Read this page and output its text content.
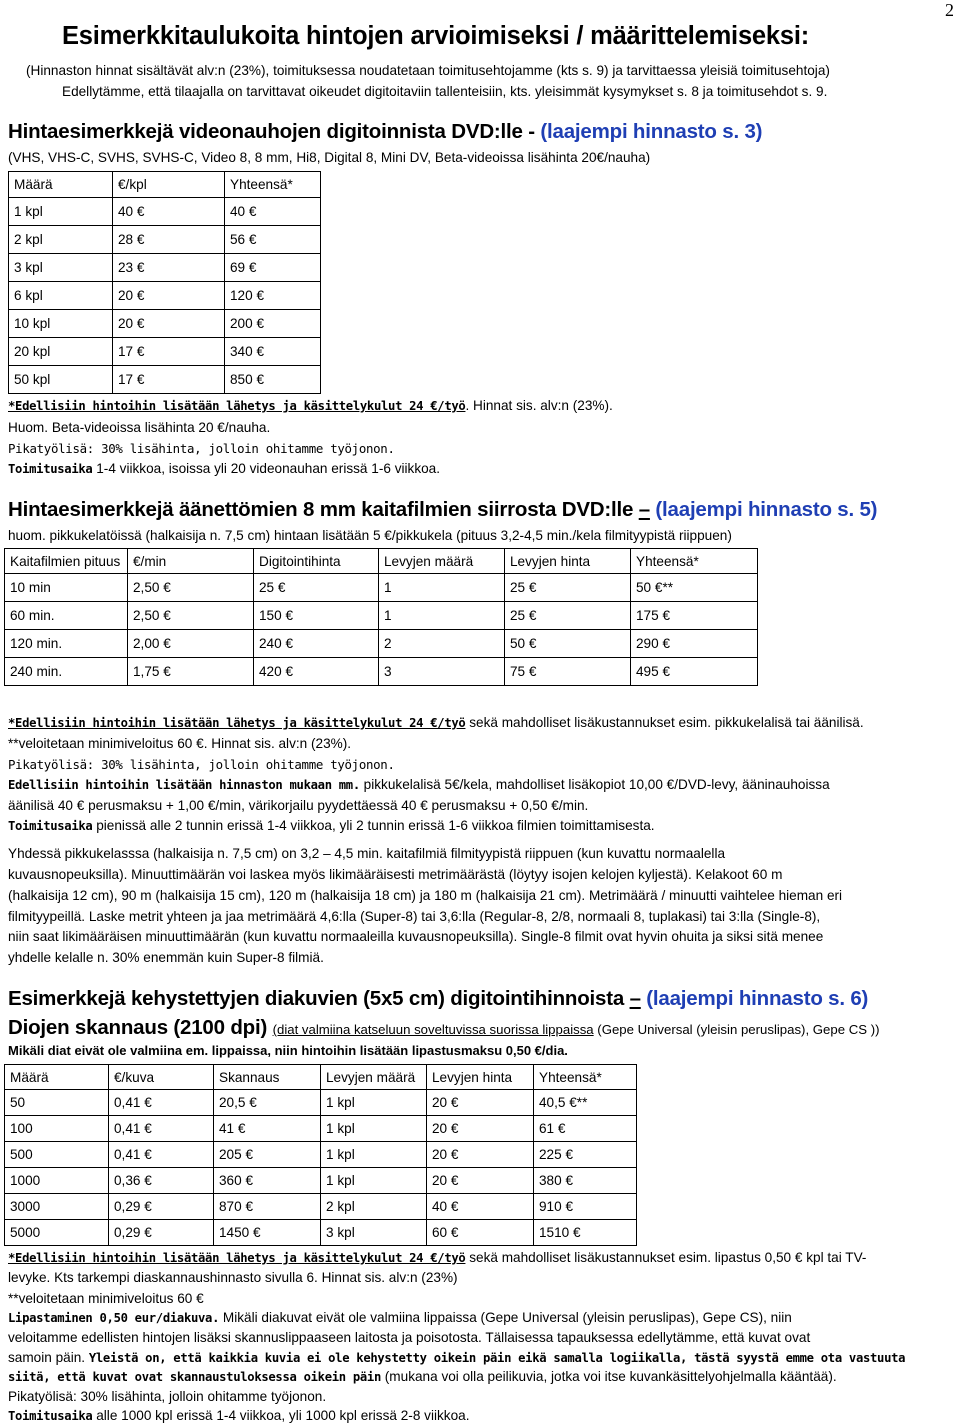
2
Esimerkkitaulukoita hintojen arvioimiseksi / määrittelemiseksi:
(Hinnaston hinnat sisältävät alv:n (23%), toimituksessa noudatetaan toimitusehtojamme (kts s. 9) ja tarvittaessa yleisiä toimitusehtoja)
Edellytämme, että tilaajalla on tarvittavat oikeudet digitoitaviin tallenteisiin, kts. yleisimmät kysymykset s. 8 ja toimitusehdot s. 9.
Hintaesimerkkejä videonauhojen digitoinnista DVD:lle - (laajempi hinnasto s. 3)
(VHS, VHS-C, SVHS, SVHS-C, Video 8, 8 mm, Hi8, Digital 8, Mini DV, Beta-videoissa lisähinta 20€/nauha)
Määrä	€/kpl	Yhteensä*
1 kpl	40 €	40 €
2 kpl	28 €	56 €
3 kpl	23 €	69 €
6 kpl	20 €	120 €
10 kpl	20 €	200 €
20 kpl	17 €	340 €
50 kpl	17 €	850 €
*Edellisiin hintoihin lisätään lähetys ja käsittelykulut 24 €/työ. Hinnat sis. alv:n (23%).
Huom. Beta-videoissa lisähinta 20 €/nauha.
Pikatyölisä: 30% lisähinta, jolloin ohitamme työjonon.
Toimitusaika 1-4 viikkoa, isoissa yli 20 videonauhan erissä 1-6 viikkoa.
Hintaesimerkkejä äänettömien 8 mm kaitafilmien siirrosta DVD:lle – (laajempi hinnasto s. 5)
huom. pikkukelatöissä (halkaisija n. 7,5 cm) hintaan lisätään 5 €/pikkukela (pituus 3,2-4,5 min./kela filmityypistä riippuen)
Kaitafilmien pituus	€/min	Digitointihinta	Levyjen määrä	Levyjen hinta	Yhteensä*
10 min	2,50 €	25 €	1	25 €	50 €**
60 min.	2,50 €	150 €	1	25 €	175 €
120 min.	2,00 €	240 €	2	50 €	290 €
240 min.	1,75 €	420 €	3	75 €	495 €
*Edellisiin hintoihin lisätään lähetys ja käsittelykulut 24 €/työ sekä mahdolliset lisäkustannukset esim. pikkukelalisä tai äänilisä.
**veloitetaan minimiveloitus 60 €. Hinnat sis. alv:n (23%).
Pikatyölisä: 30% lisähinta, jolloin ohitamme työjonon.
Edellisiin hintoihin lisätään hinnaston mukaan mm. pikkukelalisä 5€/kela, mahdolliset lisäkopiot 10,00 €/DVD-levy, ääninauhoissa
äänilisä 40 € perusmaksu + 1,00 €/min, värikorjailu pyydettäessä 40 € perusmaksu + 0,50 €/min.
Toimitusaika pienissä alle 2 tunnin erissä 1-4 viikkoa, yli 2 tunnin erissä 1-6 viikkoa filmien toimittamisesta.
Yhdessä pikkukelasssa (halkaisija n. 7,5 cm) on 3,2 – 4,5 min. kaitafilmiä filmityypistä riippuen (kun kuvattu normaalella
kuvausnopeuksilla). Minuuttimäärän voi laskea myös likimääräisesti metrimäärästä (löytyy isojen kelojen kyljestä). Kelakoot 60 m
(halkaisija 12 cm), 90 m (halkaisija 15 cm), 120 m (halkaisija 18 cm) ja 180 m (halkaisija 21 cm). Metrimäärä / minuutti vaihtelee hieman eri
filmityypeillä. Laske metrit yhteen ja jaa metrimäärä 4,6:lla (Super-8) tai 3,6:lla (Regular-8, 2/8, normaali 8, tuplakasi) tai 3:lla (Single-8),
niin saat likimääräisen minuuttimäärän (kun kuvattu normaaleilla kuvausnopeuksilla). Single-8 filmit ovat hyvin ohuita ja siksi sitä menee
yhdelle kelalle n. 30% enemmän kuin Super-8 filmiä.
Esimerkkejä kehystettyjen diakuvien (5x5 cm) digitointihinnoista – (laajempi hinnasto s. 6)
Diojen skannaus (2100 dpi) (diat valmiina katseluun soveltuvissa suorissa lippaissa (Gepe Universal (yleisin peruslipas), Gepe CS ))
Mikäli diat eivät ole valmiina em. lippaissa, niin hintoihin lisätään lipastusmaksu 0,50 €/dia.
Määrä	€/kuva	Skannaus	Levyjen määrä	Levyjen hinta	Yhteensä*
50	0,41 €	20,5 €	1 kpl	20 €	40,5 €**
100	0,41 €	41 €	1 kpl	20 €	61 €
500	0,41 €	205 €	1 kpl	20 €	225 €
1000	0,36 €	360 €	1 kpl	20 €	380 €
3000	0,29 €	870 €	2 kpl	40 €	910 €
5000	0,29 €	1450 €	3 kpl	60 €	1510 €
*Edellisiin hintoihin lisätään lähetys ja käsittelykulut 24 €/työ sekä mahdolliset lisäkustannukset esim. lipastus 0,50 € kpl tai TV-
levyke. Kts tarkempi diaskannaushinnasto sivulla 6. Hinnat sis. alv:n (23%)
**veloitetaan minimiveloitus 60 €
Lipastaminen 0,50 eur/diakuva. Mikäli diakuvat eivät ole valmiina lippaissa (Gepe Universal (yleisin peruslipas), Gepe CS), niin
veloitamme edellisten hintojen lisäksi skannuslippaaseen laitosta ja poisotosta. Tällaisessa tapauksessa edellytämme, että kuvat ovat
samoin päin. Yleistä on, että kaikkia kuvia ei ole kehystetty oikein päin eikä samalla logiikalla, tästä syystä emme ota vastuuta
siitä, että kuvat ovat skannaustuloksessa oikein päin (mukana voi olla peilikuvia, jotka voi itse kuvankäsittelyohjelmalla kääntää).
Pikatyölisä: 30% lisähinta, jolloin ohitamme työjonon.
Toimitusaika alle 1000 kpl erissä 1-4 viikkoa, yli 1000 kpl erissä 2-8 viikkoa.
